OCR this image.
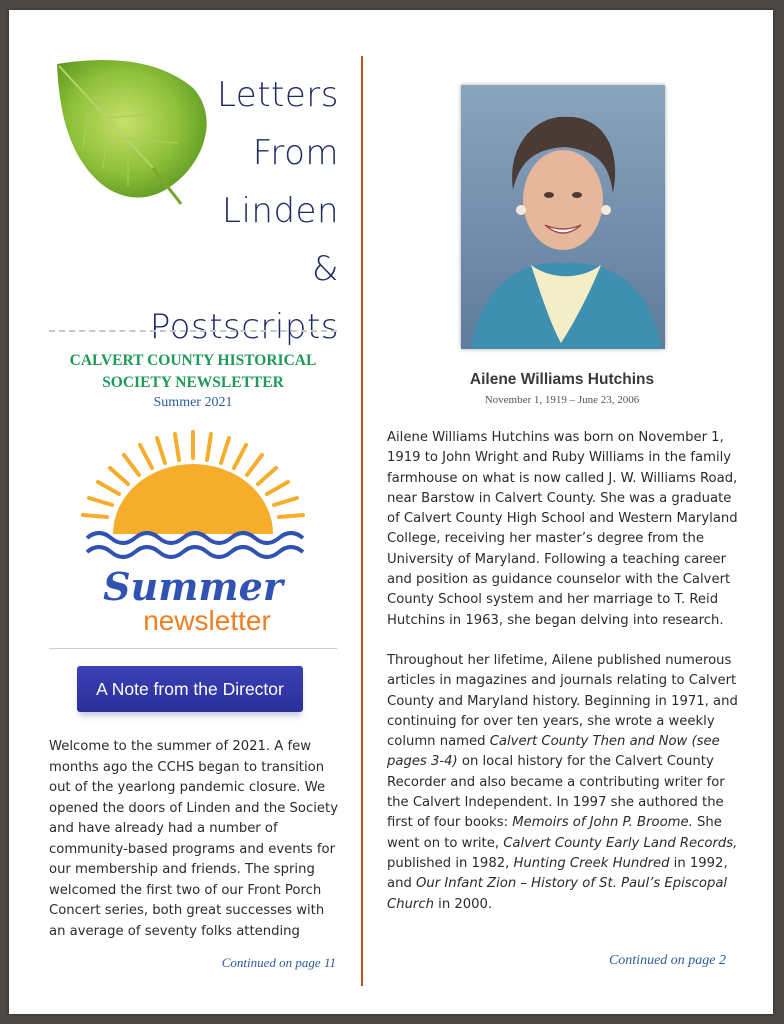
Letters
From
Linden
& Postscripts
CALVERT COUNTY HISTORICAL
SOCIETY NEWSLETTER
Summer 2021
Summer
newsletter
A Note from the Director
Welcome to the summer of 2021. A few months ago the CCHS began to transition out of the yearlong pandemic closure. We opened the doors of Linden and the Society and have already had a number of community-based programs and events for our membership and friends. The spring welcomed the first two of our Front Porch Concert series, both great successes with an average of seventy folks attending
Continued on page 11
Ailene Williams Hutchins
November 1, 1919 – June 23, 2006

Ailene Williams Hutchins was born on November 1, 1919 to John Wright and Ruby Williams in the family farmhouse on what is now called J. W. Williams Road, near Barstow in Calvert County. She was a graduate of Calvert County High School and Western Maryland College, receiving her master’s degree from the University of Maryland. Following a teaching career and position as guidance counselor with the Calvert County School system and her marriage to T. Reid Hutchins in 1963, she began delving into research.

Throughout her lifetime, Ailene published numerous articles in magazines and journals relating to Calvert County and Maryland history. Beginning in 1971, and continuing for over ten years, she wrote a weekly column named Calvert County Then and Now (see pages 3-4) on local history for the Calvert County Recorder and also became a contributing writer for the Calvert Independent. In 1997 she authored the first of four books: Memoirs of John P. Broome. She went on to write, Calvert County Early Land Records, published in 1982, Hunting Creek Hundred in 1992, and Our Infant Zion – History of St. Paul’s Episcopal Church in 2000.

Continued on page 2
